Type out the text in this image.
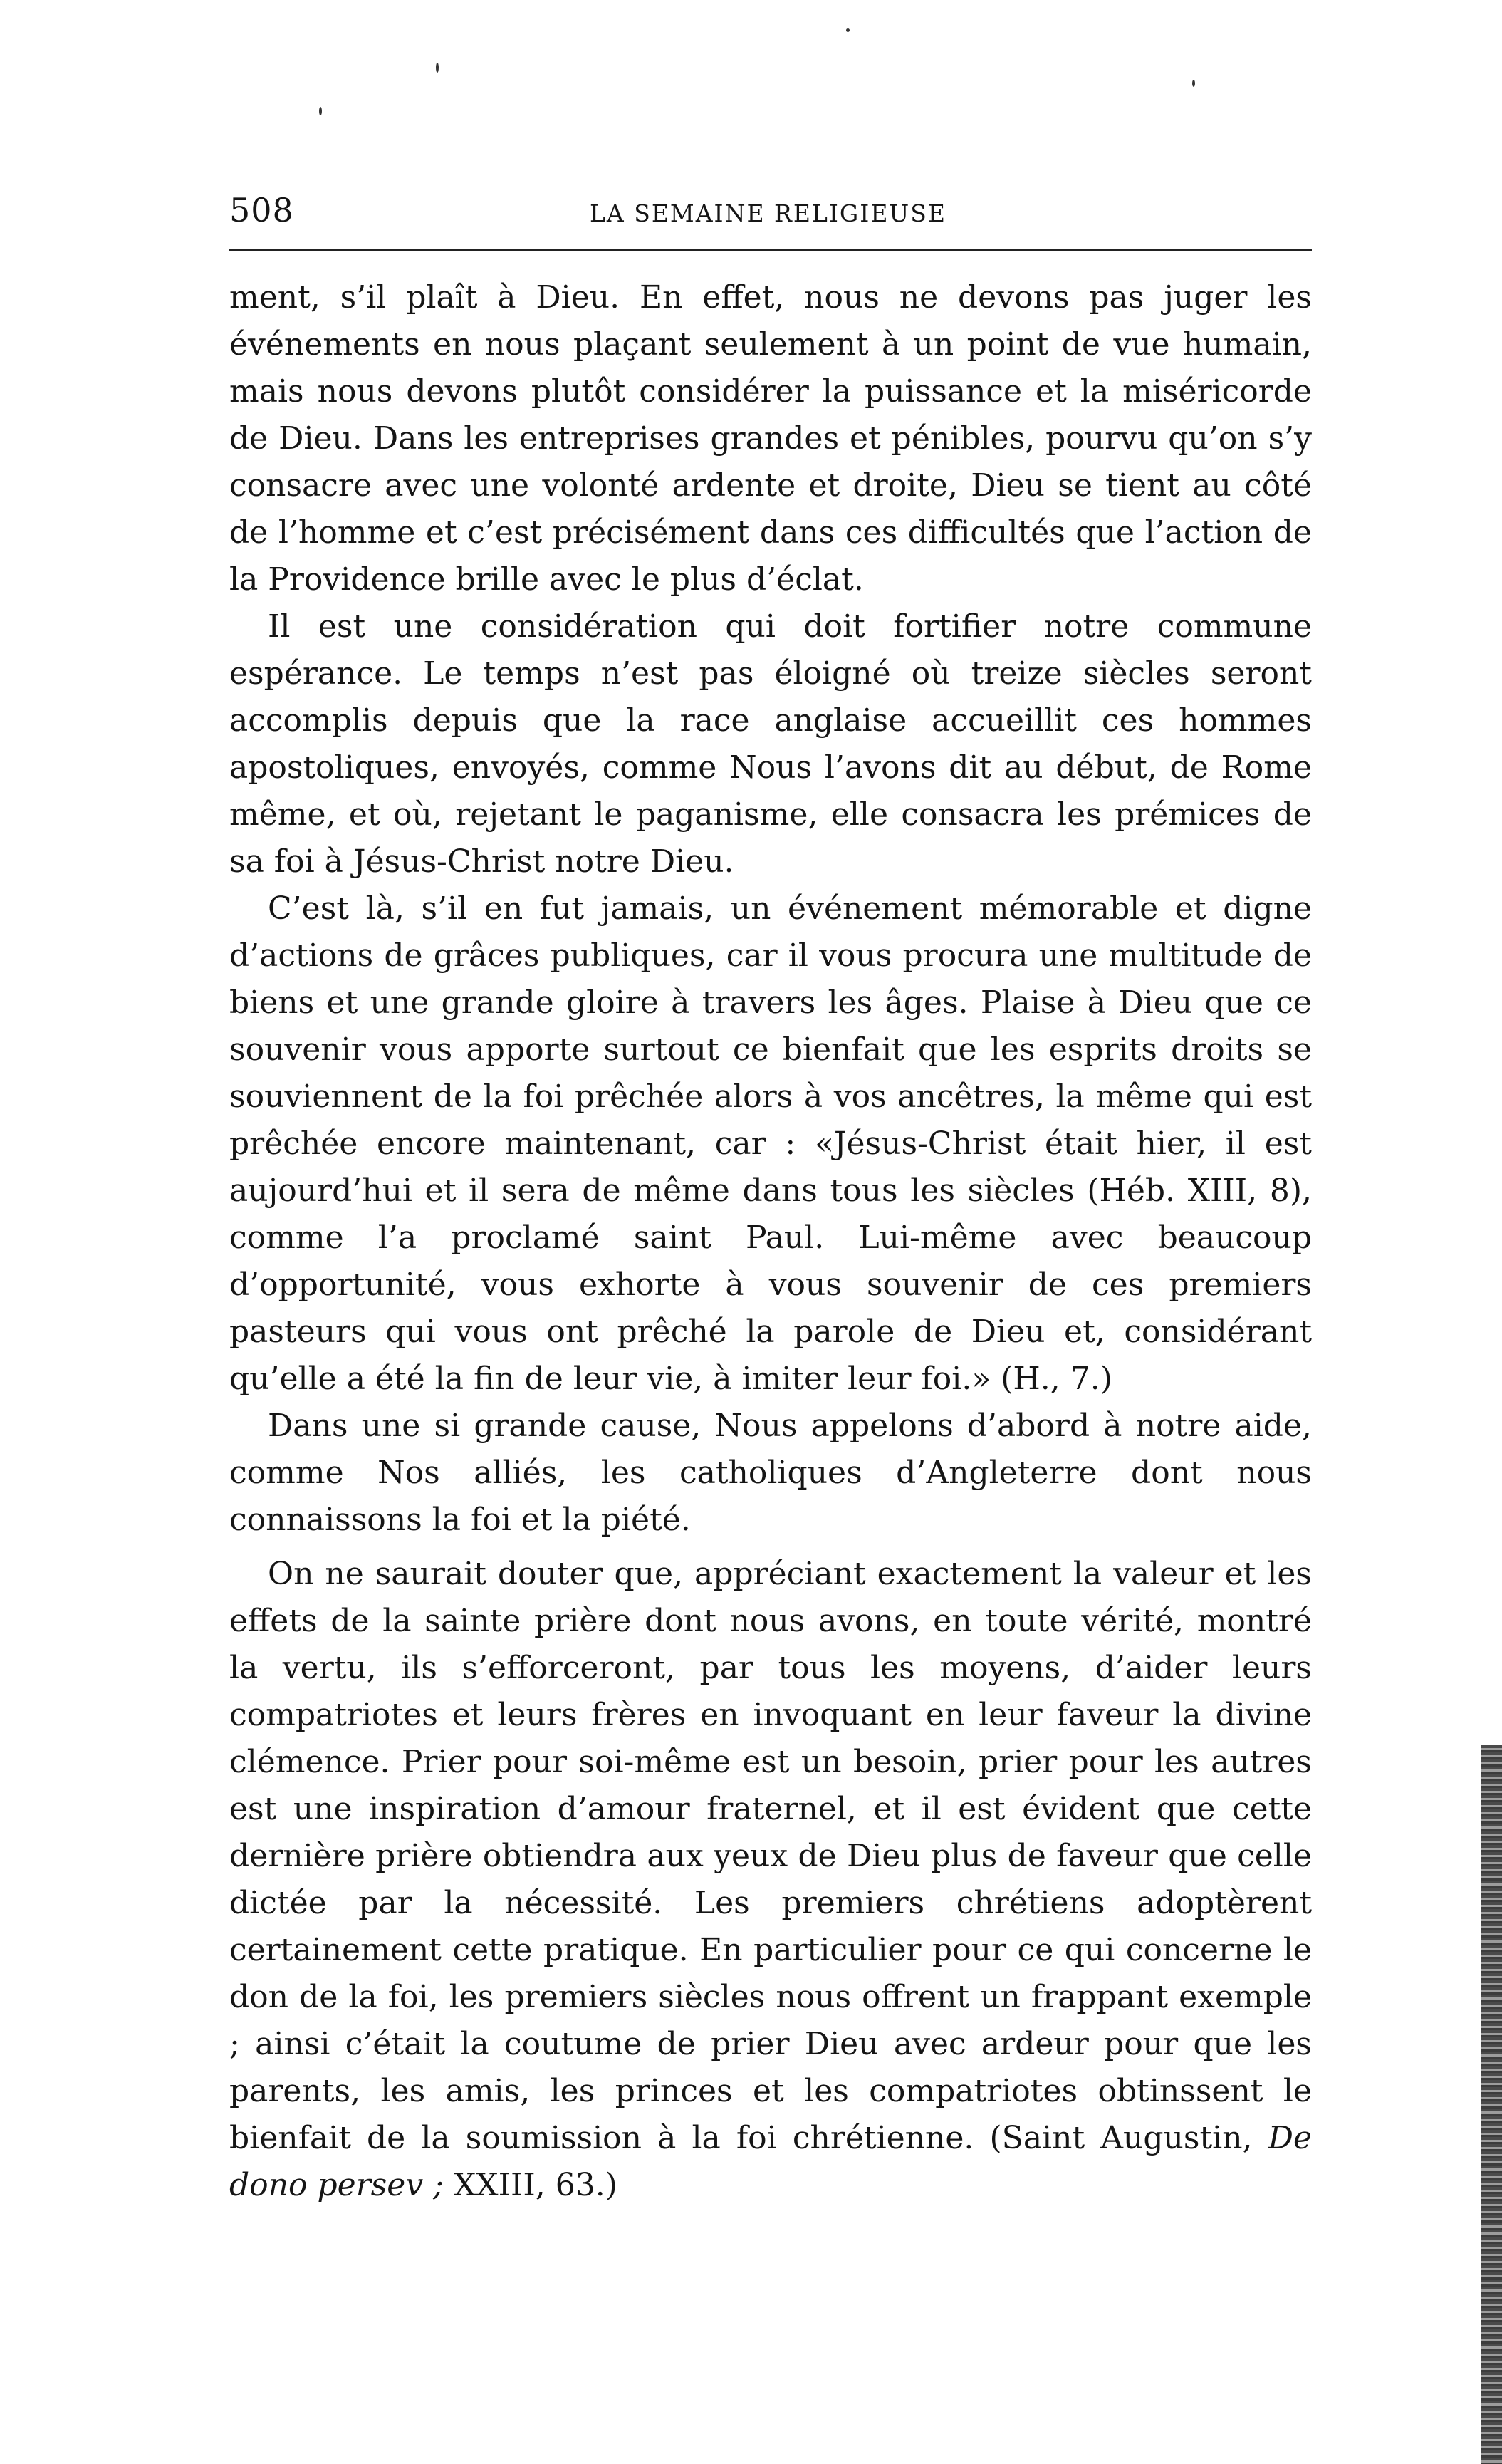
508	LA SEMAINE RELIGIEUSE

ment, s’il plaît à Dieu. En effet, nous ne devons pas juger les événements en nous plaçant seulement à un point de vue humain, mais nous devons plutôt considérer la puissance et la miséricorde de Dieu. Dans les entreprises grandes et pénibles, pourvu qu’on s’y consacre avec une volonté ardente et droite, Dieu se tient au côté de l’homme et c’est précisément dans ces difficultés que l’action de la Providence brille avec le plus d’éclat.

Il est une considération qui doit fortifier notre commune espérance. Le temps n’est pas éloigné où treize siècles seront accomplis depuis que la race anglaise accueillit ces hommes apostoliques, envoyés, comme Nous l’avons dit au début, de Rome même, et où, rejetant le paganisme, elle consacra les prémices de sa foi à Jésus-Christ notre Dieu.

C’est là, s’il en fut jamais, un événement mémorable et digne d’actions de grâces publiques, car il vous procura une multitude de biens et une grande gloire à travers les âges. Plaise à Dieu que ce souvenir vous apporte surtout ce bienfait que les esprits droits se souviennent de la foi prêchée alors à vos ancêtres, la même qui est prêchée encore maintenant, car : «Jésus-Christ était hier, il est aujourd’hui et il sera de même dans tous les siècles (Héb. XIII, 8), comme l’a proclamé saint Paul. Lui-même avec beaucoup d’opportunité, vous exhorte à vous souvenir de ces premiers pasteurs qui vous ont prêché la parole de Dieu et, considérant qu’elle a été la fin de leur vie, à imiter leur foi.» (H., 7.)

Dans une si grande cause, Nous appelons d’abord à notre aide, comme Nos alliés, les catholiques d’Angleterre dont nous connaissons la foi et la piété.

On ne saurait douter que, appréciant exactement la valeur et les effets de la sainte prière dont nous avons, en toute vérité, montré la vertu, ils s’efforceront, par tous les moyens, d’aider leurs compatriotes et leurs frères en invoquant en leur faveur la divine clémence. Prier pour soi-même est un besoin, prier pour les autres est une inspiration d’amour fraternel, et il est évident que cette dernière prière obtiendra aux yeux de Dieu plus de faveur que celle dictée par la nécessité. Les premiers chrétiens adoptèrent certainement cette pratique. En particulier pour ce qui concerne le don de la foi, les premiers siècles nous offrent un frappant exemple ; ainsi c’était la coutume de prier Dieu avec ardeur pour que les parents, les amis, les princes et les compatriotes obtinssent le bienfait de la soumission à la foi chrétienne. (Saint Augustin, De dono persev ; XXIII, 63.)
